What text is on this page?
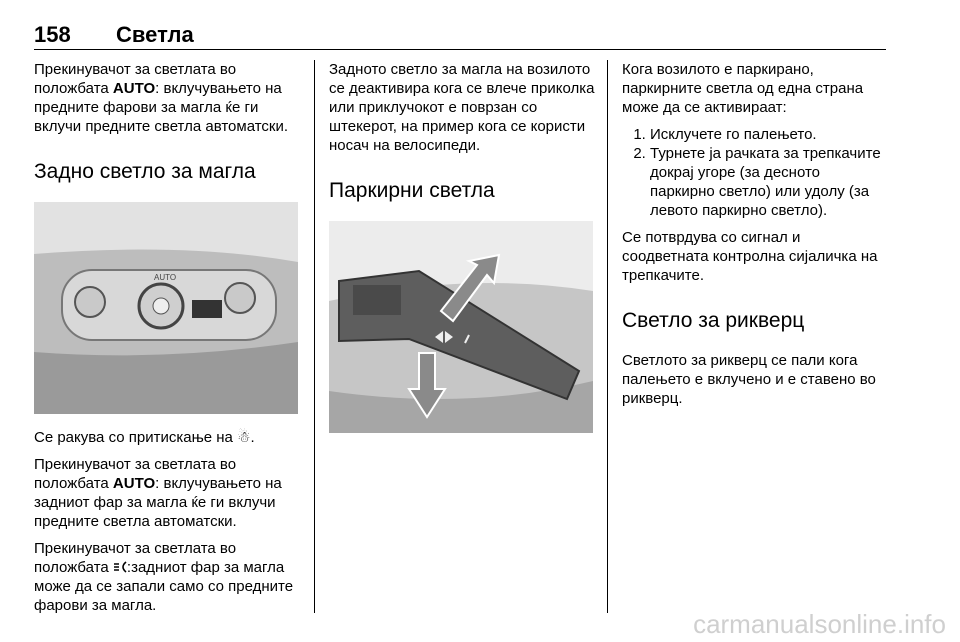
158 Светла

Прекинувачот за светлата во положбата AUTO: вклучувањето на предните фарови за магла ќе ги вклучи предните светла автоматски.

Задно светло за магла
AUTO

Се ракува со притискање на ☃.

Прекинувачот за светлата во положбата AUTO: вклучувањето на задниот фар за магла ќе ги вклучи предните светла автоматски.

Прекинувачот за светлата во положбата :задниот фар за магла може да се запали само со предните фарови за магла.

Задното светло за магла на возилото се деактивира кога се влече приколка или приклучокот е поврзан со штекерот, на пример кога се користи носач на велосипеди.

Паркирни светла

Кога возилото е паркирано, паркирните светла од една страна може да се активираат:

1. Исклучете го палењето.
2. Турнете ја рачката за трепкачите докрај угоре (за десното паркирно светло) или удолу (за левото паркирно светло).

Се потврдува со сигнал и соодветната контролна сијаличка на трепкачите.

Светло за рикверц

Светлото за рикверц се пали кога палењето е вклучено и е ставено во рикверц.

carmanualsonline.info
